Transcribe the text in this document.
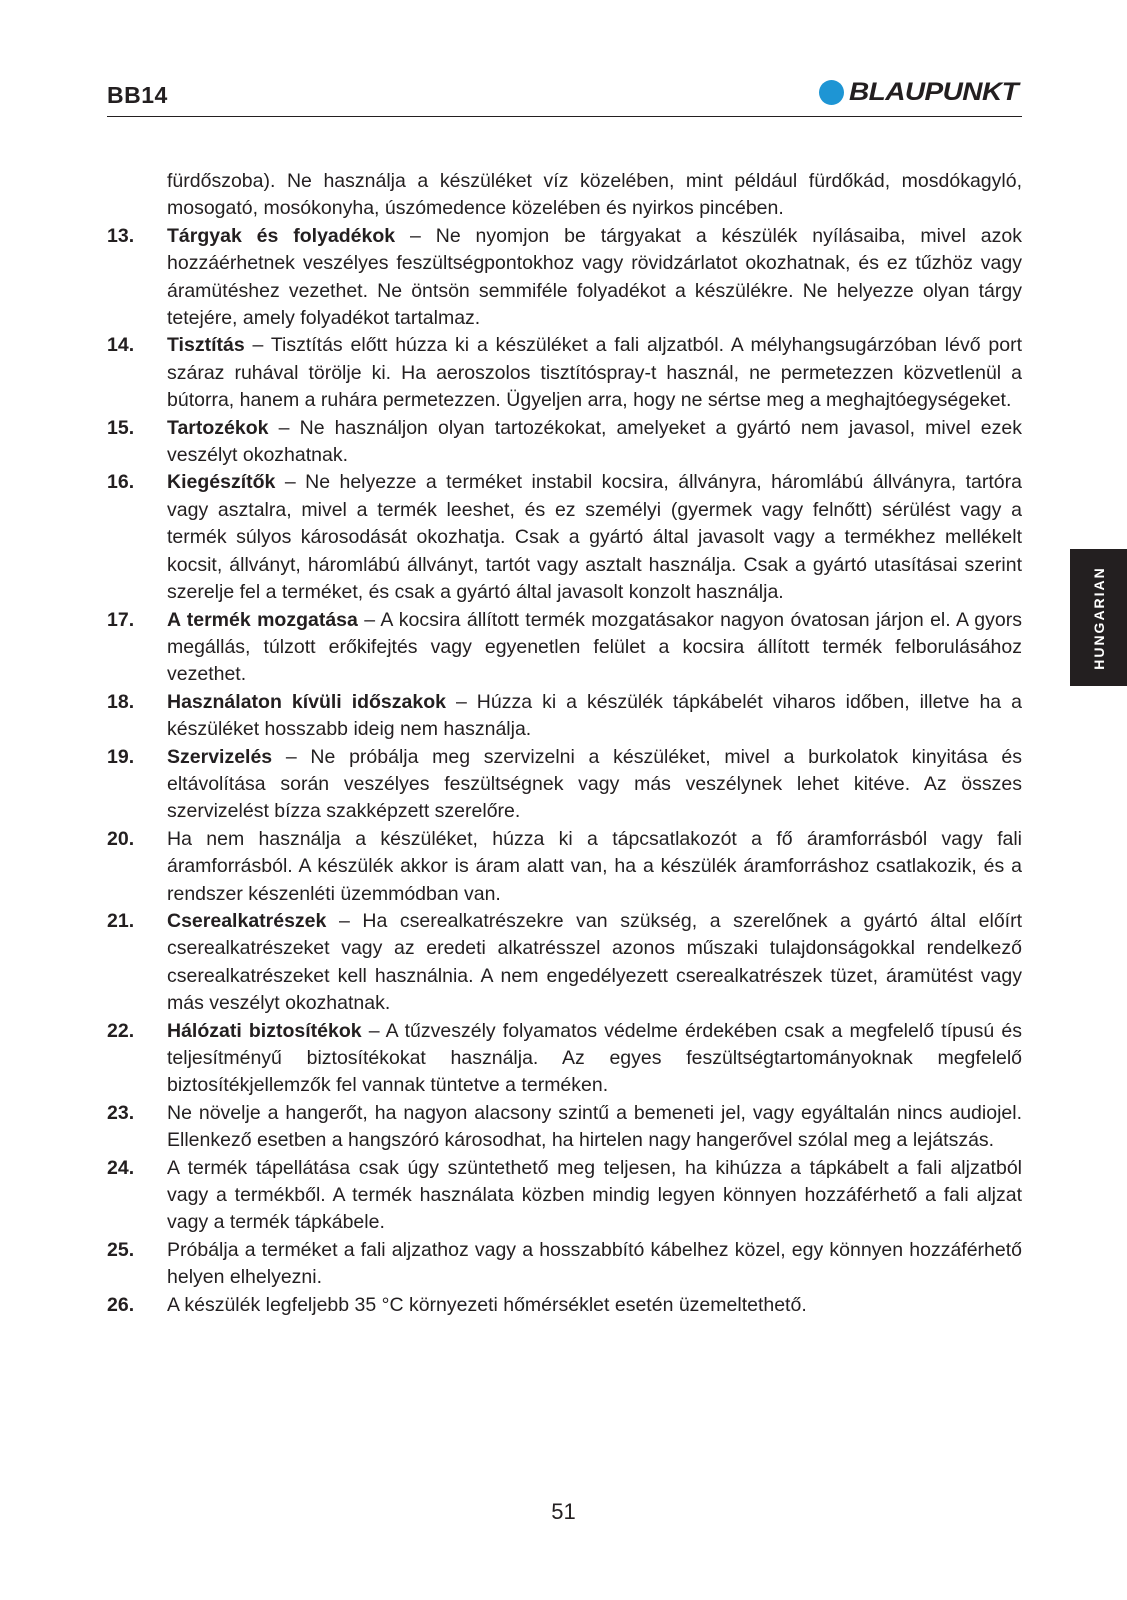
BB14	BLAUPUNKT
HUNGARIAN
fürdőszoba). Ne használja a készüléket víz közelében, mint például fürdőkád, mosdókagyló, mosogató, mosókonyha, úszómedence közelében és nyirkos pincében.
13.	Tárgyak és folyadékok – Ne nyomjon be tárgyakat a készülék nyílásaiba, mivel azok hozzáérhetnek veszélyes feszültségpontokhoz vagy rövidzárlatot okozhatnak, és ez tűzhöz vagy áramütéshez vezethet. Ne öntsön semmiféle folyadékot a készülékre. Ne helyezze olyan tárgy tetejére, amely folyadékot tartalmaz.
14.	Tisztítás – Tisztítás előtt húzza ki a készüléket a fali aljzatból. A mélyhangsugárzóban lévő port száraz ruhával törölje ki. Ha aeroszolos tisztítóspray-t használ, ne permetezzen közvetlenül a bútorra, hanem a ruhára permetezzen. Ügyeljen arra, hogy ne sértse meg a meghajtóegységeket.
15.	Tartozékok – Ne használjon olyan tartozékokat, amelyeket a gyártó nem javasol, mivel ezek veszélyt okozhatnak.
16.	Kiegészítők – Ne helyezze a terméket instabil kocsira, állványra, háromlábú állványra, tartóra vagy asztalra, mivel a termék leeshet, és ez személyi (gyermek vagy felnőtt) sérülést vagy a termék súlyos károsodását okozhatja. Csak a gyártó által javasolt vagy a termékhez mellékelt kocsit, állványt, háromlábú állványt, tartót vagy asztalt használja. Csak a gyártó utasításai szerint szerelje fel a terméket, és csak a gyártó által javasolt konzolt használja.
17.	A termék mozgatása – A kocsira állított termék mozgatásakor nagyon óvatosan járjon el. A gyors megállás, túlzott erőkifejtés vagy egyenetlen felület a kocsira állított termék felborulásához vezethet.
18.	Használaton kívüli időszakok – Húzza ki a készülék tápkábelét viharos időben, illetve ha a készüléket hosszabb ideig nem használja.
19.	Szervizelés – Ne próbálja meg szervizelni a készüléket, mivel a burkolatok kinyitása és eltávolítása során veszélyes feszültségnek vagy más veszélynek lehet kitéve. Az összes szervizelést bízza szakképzett szerelőre.
20.	Ha nem használja a készüléket, húzza ki a tápcsatlakozót a fő áramforrásból vagy fali áramforrásból. A készülék akkor is áram alatt van, ha a készülék áramforráshoz csatlakozik, és a rendszer készenléti üzemmódban van.
21.	Cserealkatrészek – Ha cserealkatrészekre van szükség, a szerelőnek a gyártó által előírt cserealkatrészeket vagy az eredeti alkatrésszel azonos műszaki tulajdonságokkal rendelkező cserealkatrészeket kell használnia. A nem engedélyezett cserealkatrészek tüzet, áramütést vagy más veszélyt okozhatnak.
22.	Hálózati biztosítékok – A tűzveszély folyamatos védelme érdekében csak a megfelelő típusú és teljesítményű biztosítékokat használja. Az egyes feszültségtartományoknak megfelelő biztosítékjellemzők fel vannak tüntetve a terméken.
23.	Ne növelje a hangerőt, ha nagyon alacsony szintű a bemeneti jel, vagy egyáltalán nincs audiojel. Ellenkező esetben a hangszóró károsodhat, ha hirtelen nagy hangerővel szólal meg a lejátszás.
24.	A termék tápellátása csak úgy szüntethető meg teljesen, ha kihúzza a tápkábelt a fali aljzatból vagy a termékből. A termék használata közben mindig legyen könnyen hozzáférhető a fali aljzat vagy a termék tápkábele.
25.	Próbálja a terméket a fali aljzathoz vagy a hosszabbító kábelhez közel, egy könnyen hozzáférhető helyen elhelyezni.
26.	A készülék legfeljebb 35 °C környezeti hőmérséklet esetén üzemeltethető.
51
